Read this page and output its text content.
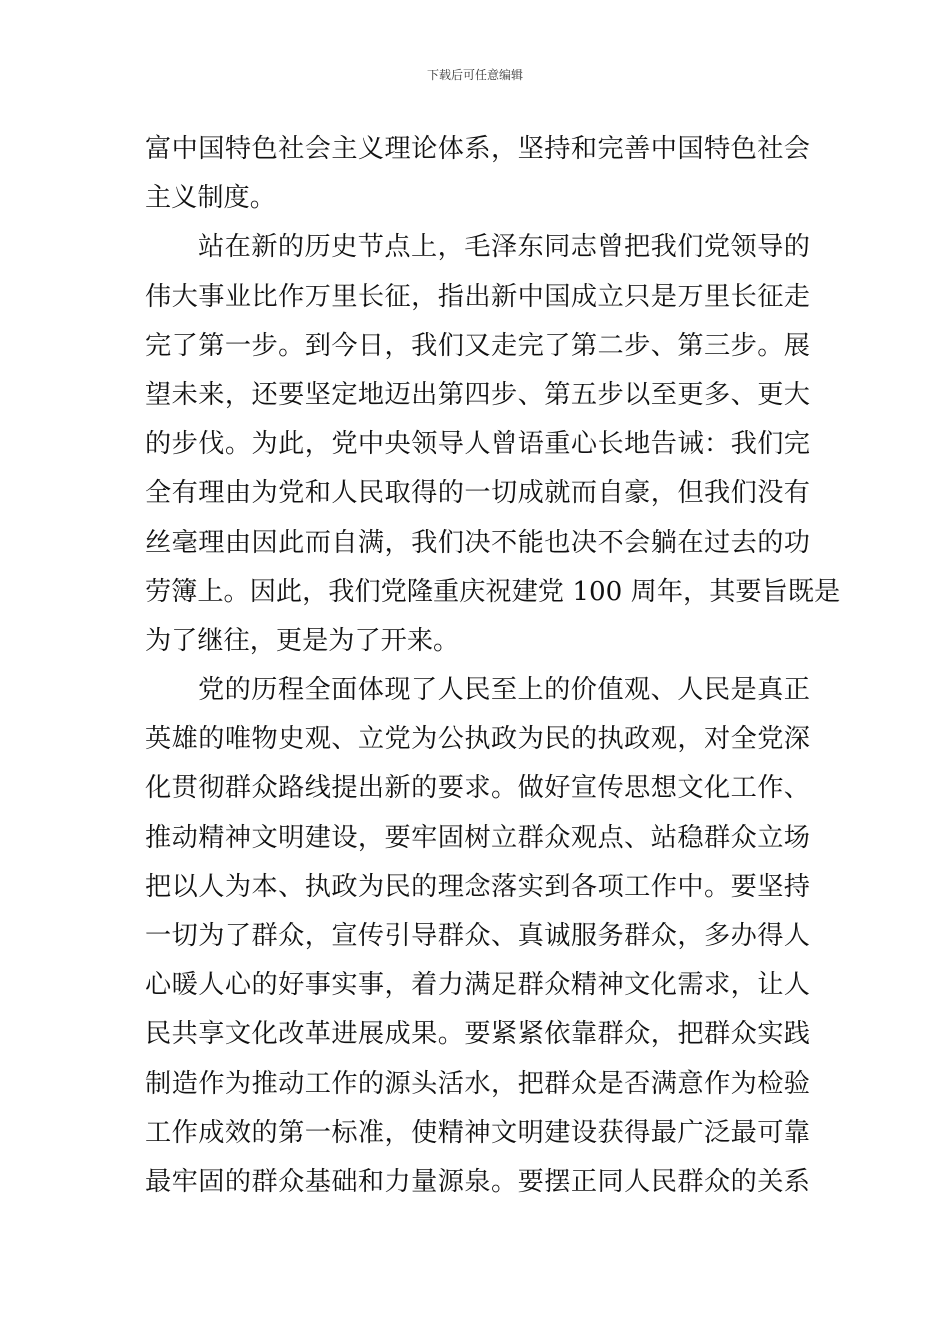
下载后可任意编辑
富中国特色社会主义理论体系，坚持和完善中国特色社会
主义制度。
站在新的历史节点上，毛泽东同志曾把我们党领导的
伟大事业比作万里长征，指出新中国成立只是万里长征走
完了第一步。到今日，我们又走完了第二步、第三步。展
望未来，还要坚定地迈出第四步、第五步以至更多、更大
的步伐。为此，党中央领导人曾语重心长地告诫：我们完
全有理由为党和人民取得的一切成就而自豪，但我们没有
丝毫理由因此而自满，我们决不能也决不会躺在过去的功
劳簿上。因此，我们党隆重庆祝建党 100 周年，其要旨既是
为了继往，更是为了开来。
党的历程全面体现了人民至上的价值观、人民是真正
英雄的唯物史观、立党为公执政为民的执政观，对全党深
化贯彻群众路线提出新的要求。做好宣传思想文化工作、
推动精神文明建设，要牢固树立群众观点、站稳群众立场
把以人为本、执政为民的理念落实到各项工作中。要坚持
一切为了群众，宣传引导群众、真诚服务群众，多办得人
心暖人心的好事实事，着力满足群众精神文化需求，让人
民共享文化改革进展成果。要紧紧依靠群众，把群众实践
制造作为推动工作的源头活水，把群众是否满意作为检验
工作成效的第一标准，使精神文明建设获得最广泛最可靠
最牢固的群众基础和力量源泉。要摆正同人民群众的关系
